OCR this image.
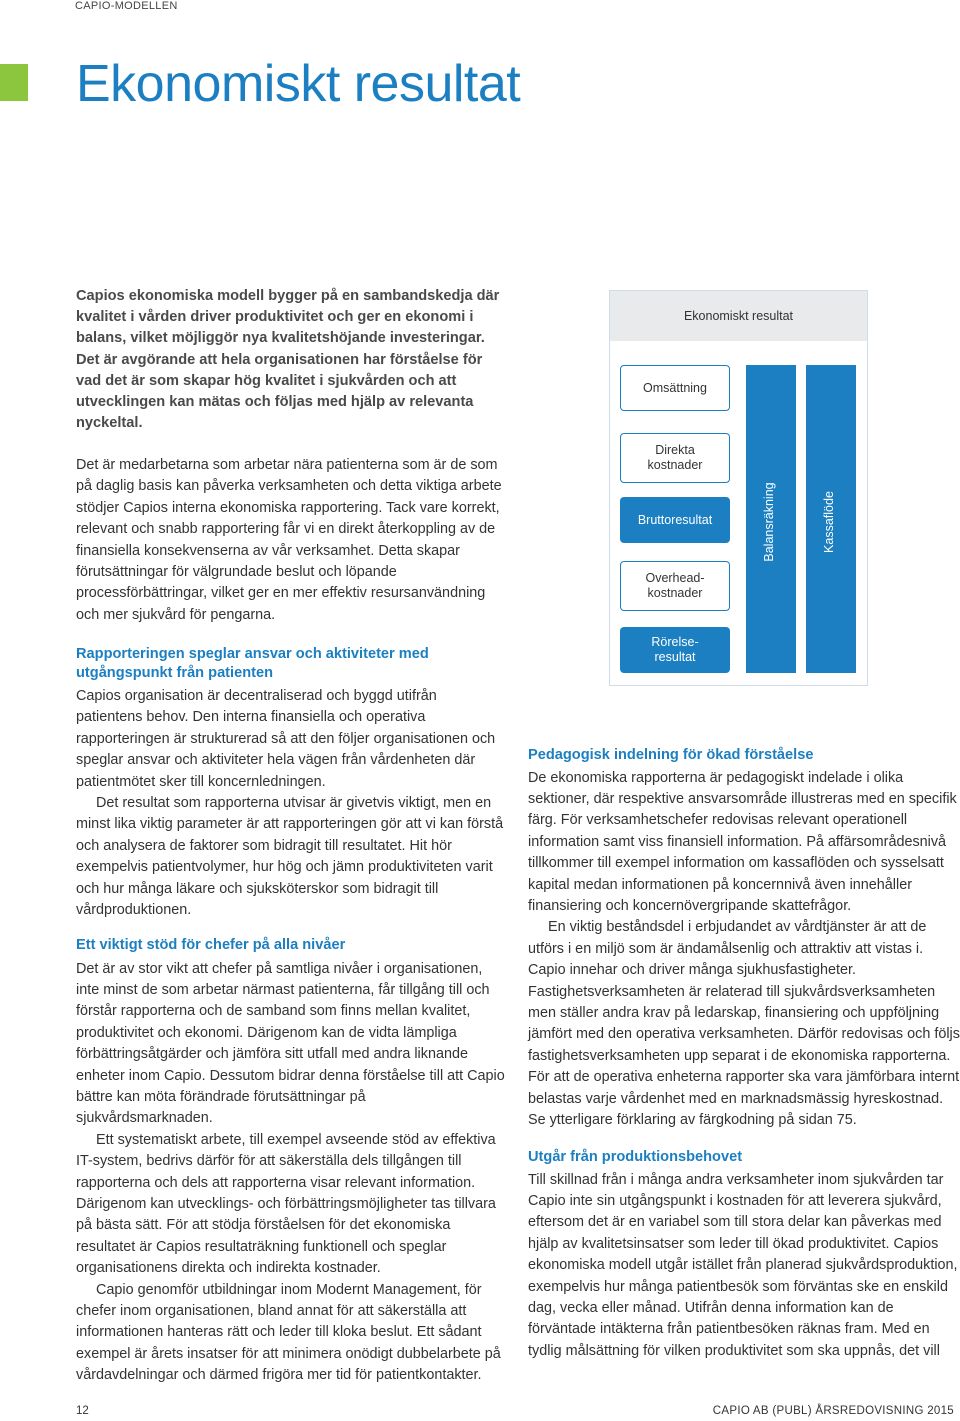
CAPIO-MODELLEN
Ekonomiskt resultat

Capios ekonomiska modell bygger på en sambandskedja där kvalitet i vården driver produktivitet och ger en ekonomi i balans, vilket möjliggör nya kvalitetshöjande investeringar. Det är avgörande att hela organisationen har förståelse för vad det är som skapar hög kvalitet i sjukvården och att utvecklingen kan mätas och följas med hjälp av relevanta nyckeltal.

Det är medarbetarna som arbetar nära patienterna som är de som på daglig basis kan påverka verksamheten och detta viktiga arbete stödjer Capios interna ekonomiska rapportering. Tack vare korrekt, relevant och snabb rapportering får vi en direkt återkoppling av de finansiella konsekvenserna av vår verksamhet. Detta skapar förutsättningar för välgrundade beslut och löpande processförbättringar, vilket ger en mer effektiv resursanvändning och mer sjukvård för pengarna.

Rapporteringen speglar ansvar och aktiviteter med utgångspunkt från patienten

Capios organisation är decentraliserad och byggd utifrån patientens behov. Den interna finansiella och operativa rapporteringen är strukturerad så att den följer organisationen och speglar ansvar och aktiviteter hela vägen från vårdenheten där patientmötet sker till koncernledningen.

Det resultat som rapporterna utvisar är givetvis viktigt, men en minst lika viktig parameter är att rapporteringen gör att vi kan förstå och analysera de faktorer som bidragit till resultatet. Hit hör exempelvis patientvolymer, hur hög och jämn produktiviteten varit och hur många läkare och sjuksköterskor som bidragit till vårdproduktionen.

Ett viktigt stöd för chefer på alla nivåer

Det är av stor vikt att chefer på samtliga nivåer i organisationen, inte minst de som arbetar närmast patienterna, får tillgång till och förstår rapporterna och de samband som finns mellan kvalitet, produktivitet och ekonomi. Därigenom kan de vidta lämpliga förbättringsåtgärder och jämföra sitt utfall med andra liknande enheter inom Capio. Dessutom bidrar denna förståelse till att Capio bättre kan möta förändrade förutsättningar på sjukvårdsmarknaden.

Ett systematiskt arbete, till exempel avseende stöd av effektiva IT-system, bedrivs därför för att säkerställa dels tillgången till rapporterna och dels att rapporterna visar relevant information. Därigenom kan utvecklings- och förbättringsmöjligheter tas tillvara på bästa sätt. För att stödja förståelsen för det ekonomiska resultatet är Capios resultaträkning funktionell och speglar organisationens direkta och indirekta kostnader.

Capio genomför utbildningar inom Modernt Management, för chefer inom organisationen, bland annat för att säkerställa att informationen hanteras rätt och leder till kloka beslut. Ett sådant exempel är årets insatser för att minimera onödigt dubbelarbete på vårdavdelningar och därmed frigöra mer tid för patientkontakter.

Ekonomiskt resultat
Omsättning
Direkta kostnader
Bruttoresultat
Overhead-kostnader
Rörelse-resultat
Balansräkning	Kassaflöde
Pedagogisk indelning för ökad förståelse

De ekonomiska rapporterna är pedagogiskt indelade i olika sektioner, där respektive ansvarsområde illustreras med en specifik färg. För verksamhetschefer redovisas relevant operationell information samt viss finansiell information. På affärsområdesnivå tillkommer till exempel information om kassaflöden och sysselsatt kapital medan informationen på koncernnivå även innehåller finansiering och koncernövergripande skattefrågor.

En viktig beståndsdel i erbjudandet av vårdtjänster är att de utförs i en miljö som är ändamålsenlig och attraktiv att vistas i. Capio innehar och driver många sjukhusfastigheter. Fastighetsverksamheten är relaterad till sjukvårdsverksamheten men ställer andra krav på ledarskap, finansiering och uppföljning jämfört med den operativa verksamheten. Därför redovisas och följs fastighetsverksamheten upp separat i de ekonomiska rapporterna. För att de operativa enheterna rapporter ska vara jämförbara internt belastas varje vårdenhet med en marknadsmässig hyreskostnad. Se ytterligare förklaring av färgkodning på sidan 75.

Utgår från produktionsbehovet

Till skillnad från i många andra verksamheter inom sjukvården tar Capio inte sin utgångspunkt i kostnaden för att leverera sjukvård, eftersom det är en variabel som till stora delar kan påverkas med hjälp av kvalitetsinsatser som leder till ökad produktivitet. Capios ekonomiska modell utgår istället från planerad sjukvårdsproduktion, exempelvis hur många patientbesök som förväntas ske en enskild dag, vecka eller månad. Utifrån denna information kan de förväntade intäkterna från patientbesöken räknas fram. Med en tydlig målsättning för vilken produktivitet som ska uppnås, det vill

12	CAPIO AB (PUBL) ÅRSREDOVISNING 2015
